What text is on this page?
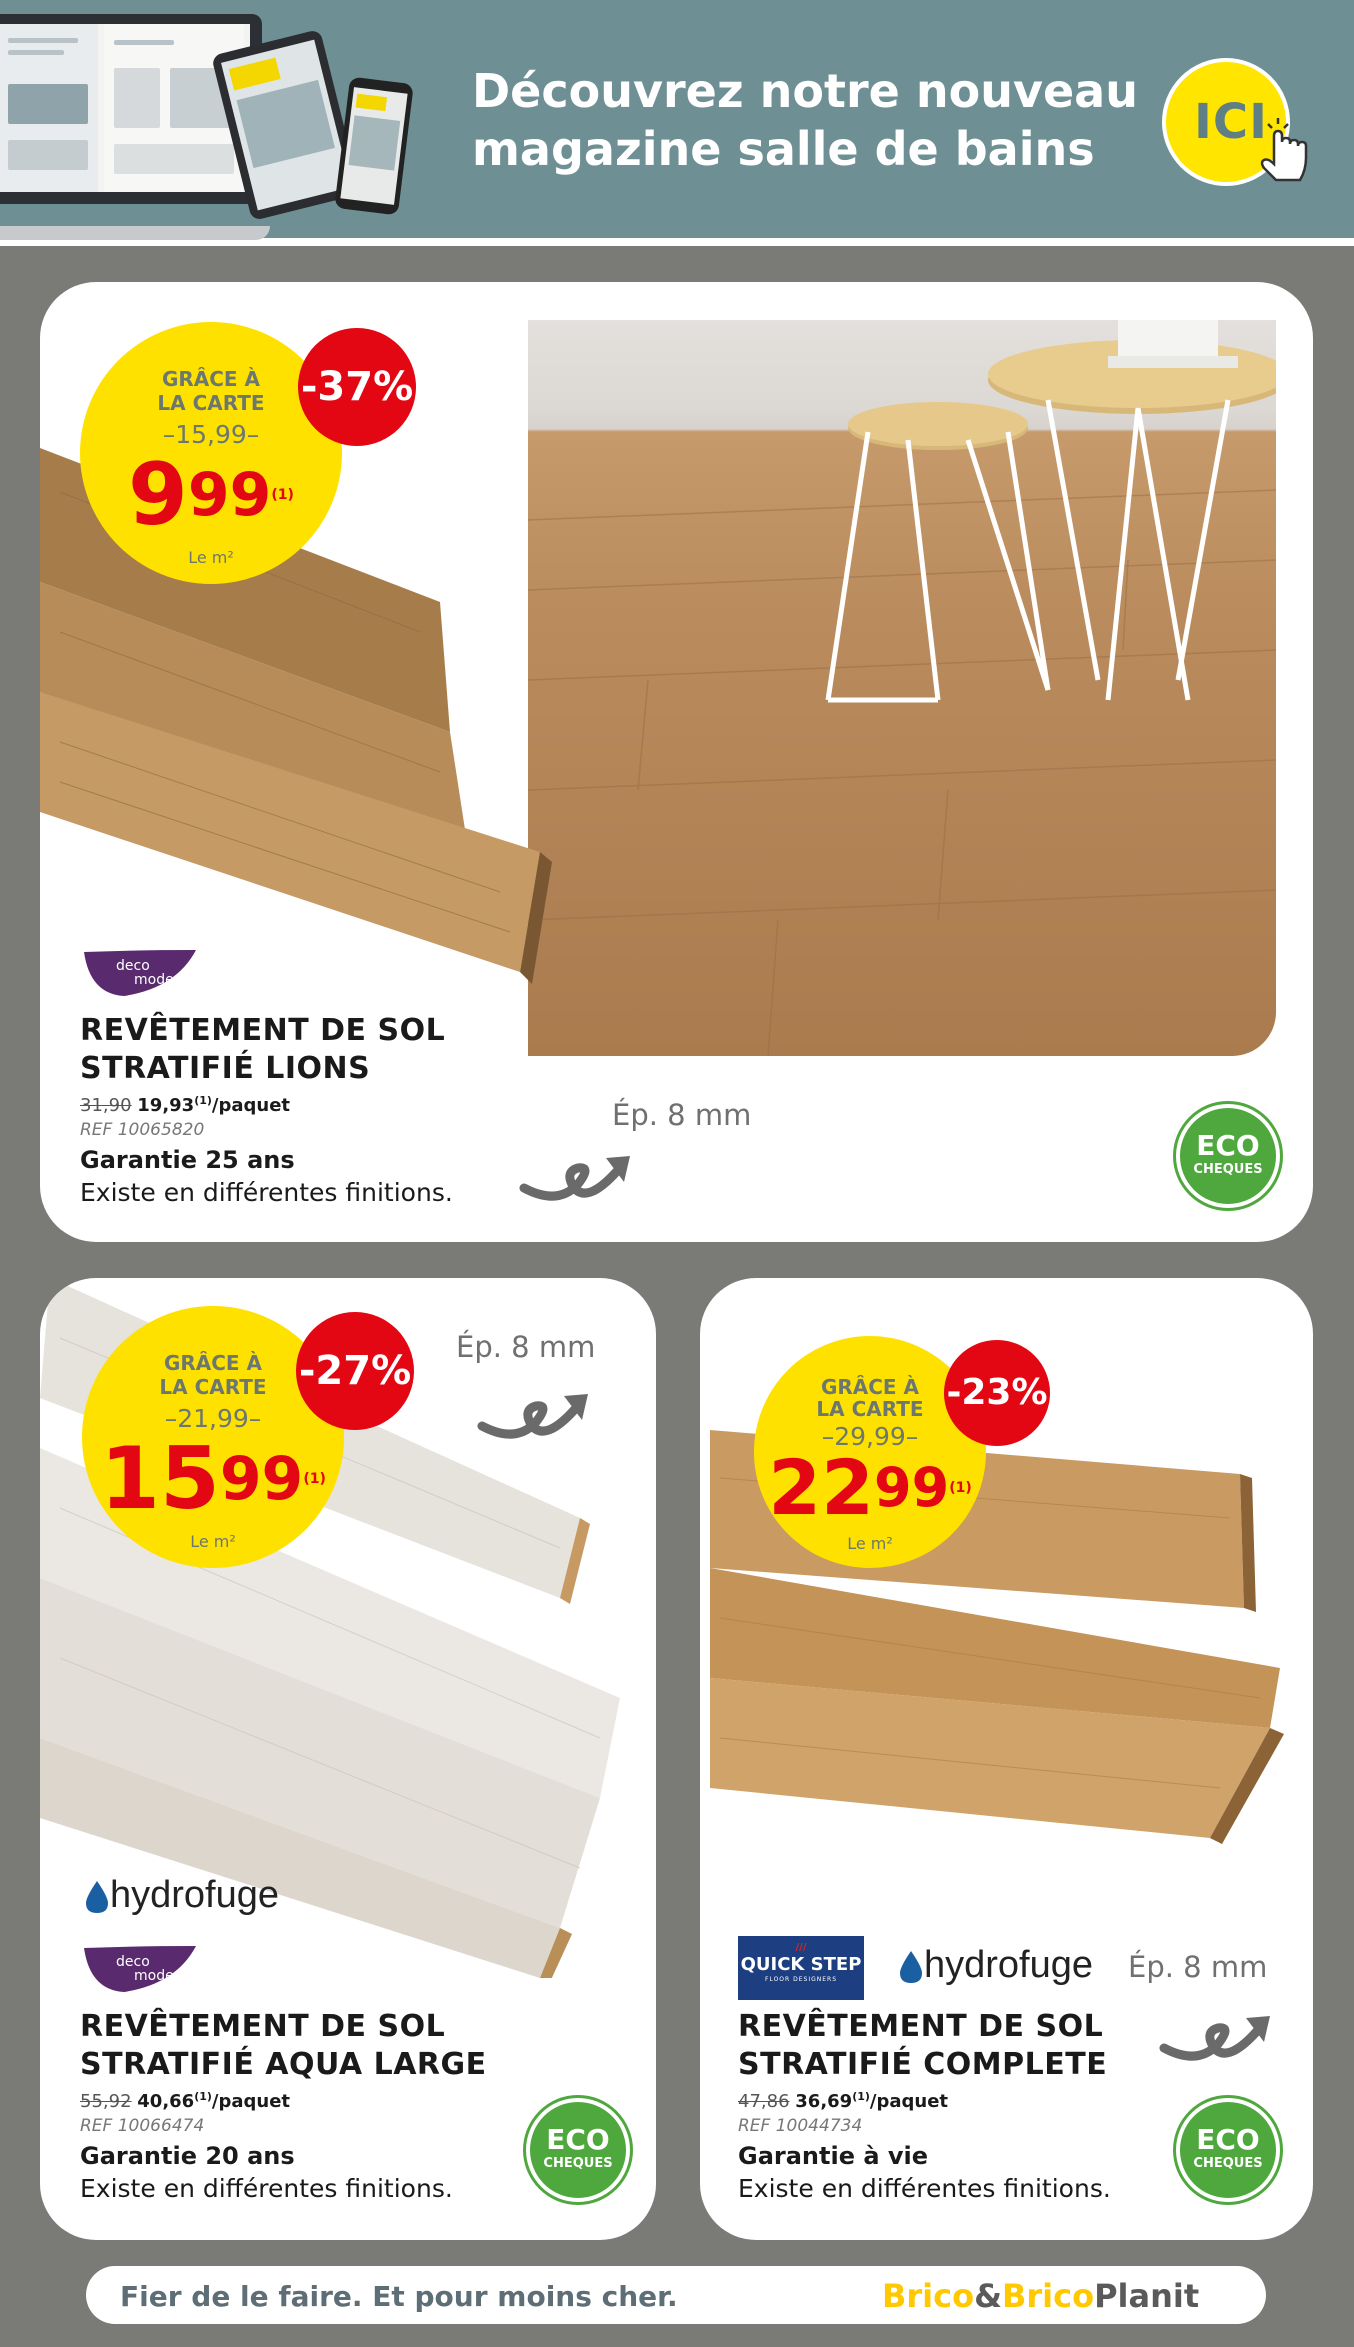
Découvrez notre nouveau
magazine salle de bains	ICI
GRÂCE À
LA CARTE
–15,99–
9$^{99(1)}$
Le m²
-37%
deco
mode
REVÊTEMENT DE SOL
STRATIFIÉ LIONS
31,90 19,93$^{(1)}$/paquet
REF 10065820
Garantie 25 ans
Existe en différentes finitions.
Ép. 8 mm
ECO
CHEQUES
GRÂCE À
LA CARTE
–21,99–
15$^{99(1)}$
Le m²
-27%
Ép. 8 mm
hydrofuge
deco
mode
REVÊTEMENT DE SOL
STRATIFIÉ AQUA LARGE
55,92 40,66$^{(1)}$/paquet
REF 10066474
Garantie 20 ans
Existe en différentes finitions.
ECO
CHEQUES
GRÂCE À
LA CARTE
–29,99–
22$^{99(1)}$
Le m²
-23%
///
QUICK STEP
FLOOR DESIGNERS	hydrofuge Ép. 8 mm
REVÊTEMENT DE SOL
STRATIFIÉ COMPLETE
47,86 36,69$^{(1)}$/paquet
REF 10044734
Garantie à vie
Existe en différentes finitions.
ECO
CHEQUES
Fier de le faire. Et pour moins cher.	Brico&BricoPlanit
